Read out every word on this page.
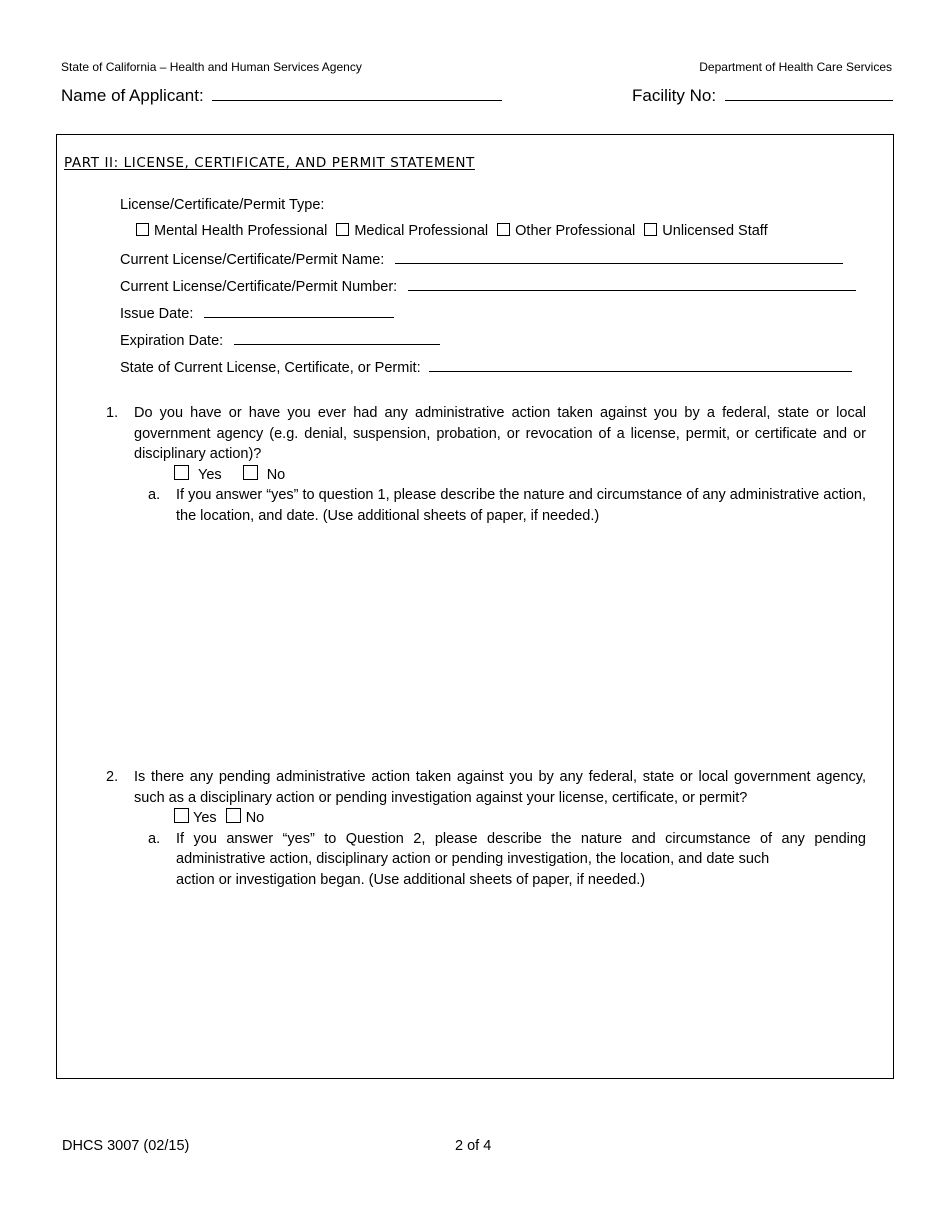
State of California – Health and Human Services Agency	Department of Health Care Services
Name of Applicant:	Facility No:
PART II: LICENSE, CERTIFICATE, AND PERMIT STATEMENT
License/Certificate/Permit Type:
Mental Health Professional Medical Professional Other Professional Unlicensed Staff
Current License/Certificate/Permit Name:
Current License/Certificate/Permit Number:
Issue Date:
Expiration Date:
State of Current License, Certificate, or Permit:
1. Do you have or have you ever had any administrative action taken against you by a federal, state or local government agency (e.g. denial, suspension, probation, or revocation of a license, permit, or certificate and or disciplinary action)?
Yes	No
a. If you answer “yes” to question 1, please describe the nature and circumstance of any administrative action, the location, and date. (Use additional sheets of paper, if needed.)
2. Is there any pending administrative action taken against you by any federal, state or local government agency, such as a disciplinary action or pending investigation against your license, certificate, or permit?
Yes No
a. If you answer “yes” to Question 2, please describe the nature and circumstance of any pending
administrative action, disciplinary action or pending investigation, the location, and date such
action or investigation began. (Use additional sheets of paper, if needed.)
DHCS 3007 (02/15)	2 of 4
